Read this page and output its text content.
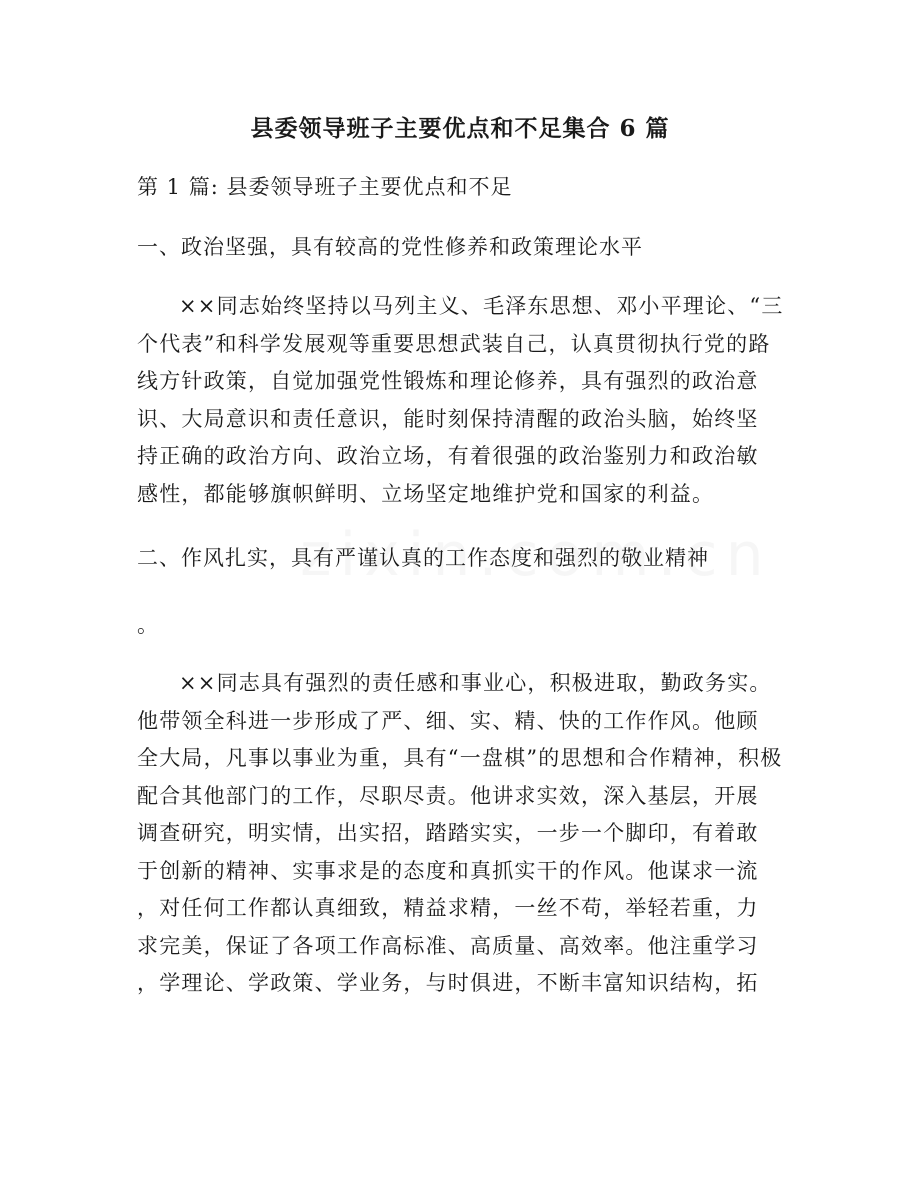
县委领导班子主要优点和不足集合 6 篇
第 1 篇: 县委领导班子主要优点和不足
一、政治坚强，具有较高的党性修养和政策理论水平
××同志始终坚持以马列主义、毛泽东思想、邓小平理论、“三
个代表”和科学发展观等重要思想武装自己，认真贯彻执行党的路
线方针政策，自觉加强党性锻炼和理论修养，具有强烈的政治意
识、大局意识和责任意识，能时刻保持清醒的政治头脑，始终坚
持正确的政治方向、政治立场，有着很强的政治鉴别力和政治敏
感性，都能够旗帜鲜明、立场坚定地维护党和国家的利益。
二、作风扎实，具有严谨认真的工作态度和强烈的敬业精神
。
××同志具有强烈的责任感和事业心，积极进取，勤政务实。
他带领全科进一步形成了严、细、实、精、快的工作作风。他顾
全大局，凡事以事业为重，具有“一盘棋”的思想和合作精神，积极
配合其他部门的工作，尽职尽责。他讲求实效，深入基层，开展
调查研究，明实情，出实招，踏踏实实，一步一个脚印，有着敢
于创新的精神、实事求是的态度和真抓实干的作风。他谋求一流
，对任何工作都认真细致，精益求精，一丝不苟，举轻若重，力
求完美，保证了各项工作高标准、高质量、高效率。他注重学习
，学理论、学政策、学业务，与时俱进，不断丰富知识结构，拓
